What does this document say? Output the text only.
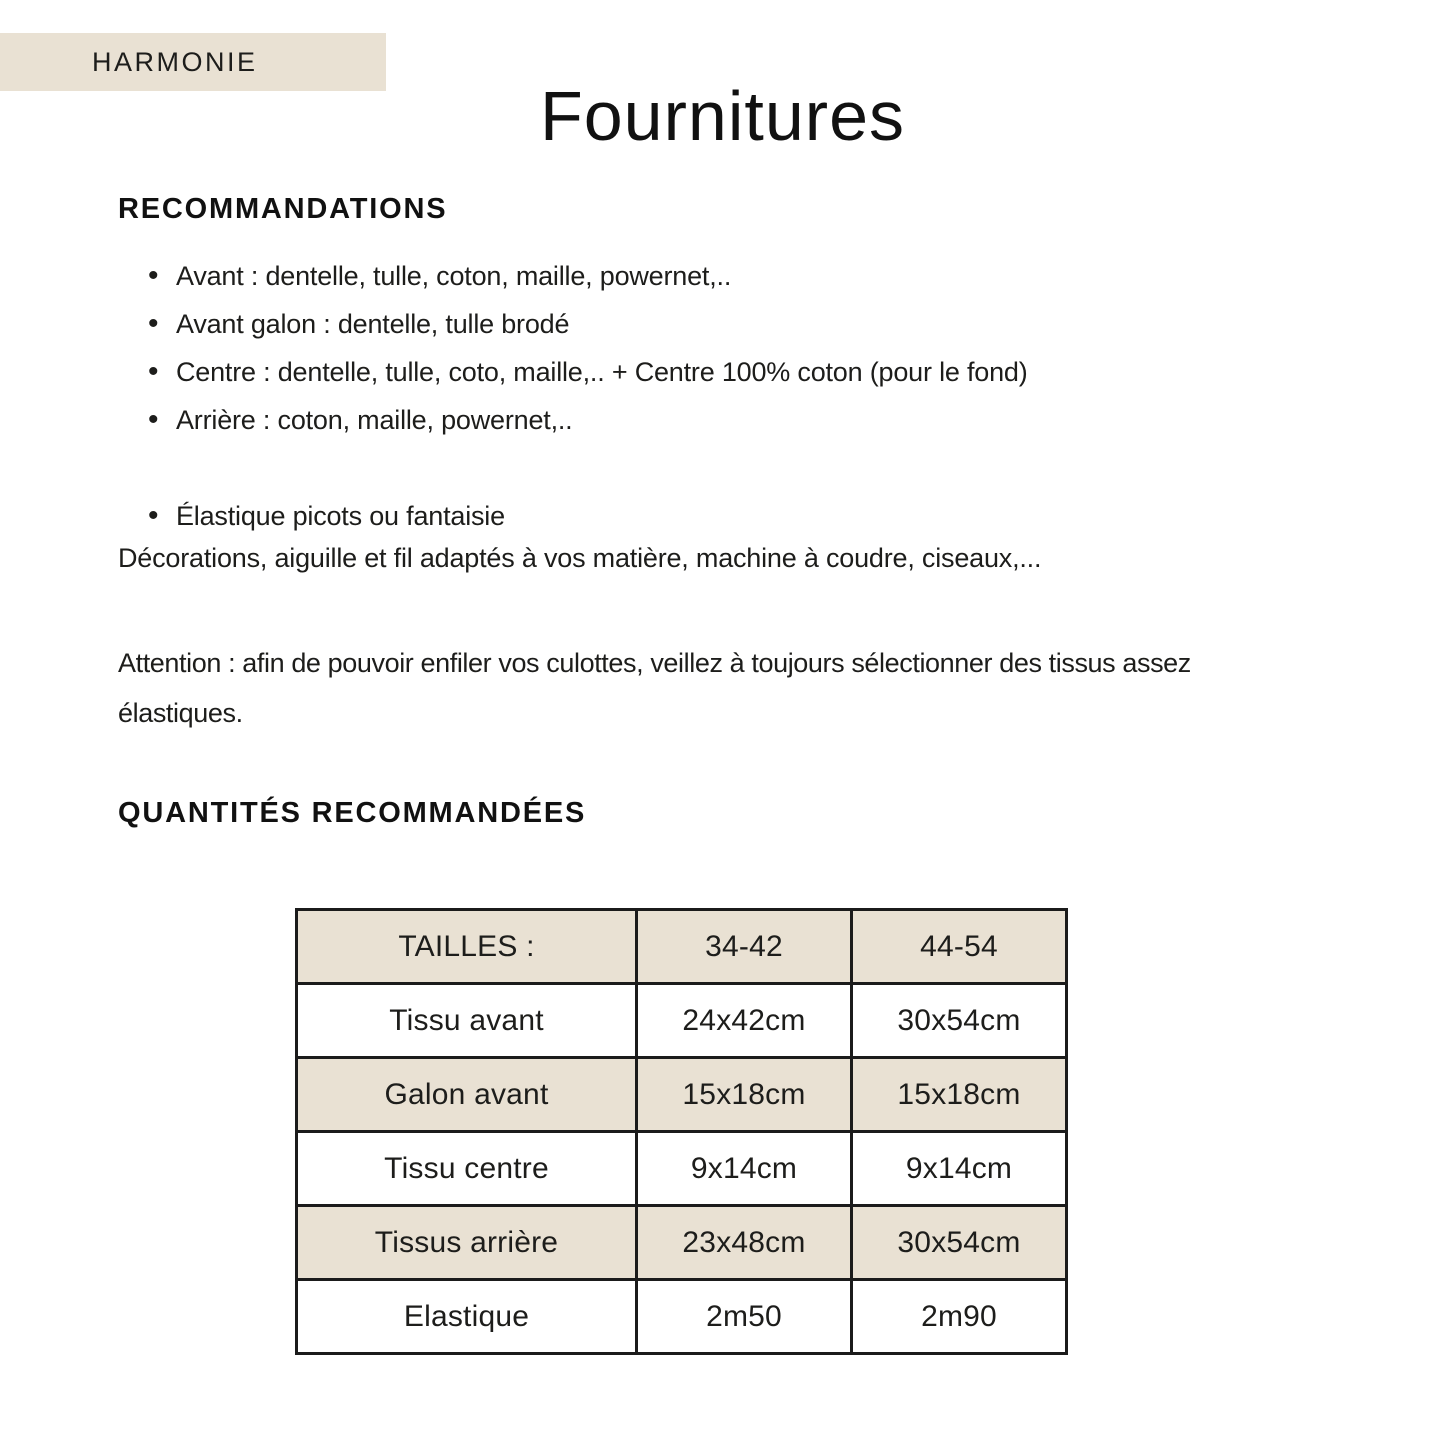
HARMONIE
Fournitures
RECOMMANDATIONS
• Avant : dentelle, tulle, coton, maille, powernet,..
• Avant galon : dentelle, tulle brodé
• Centre : dentelle, tulle, coto, maille,.. + Centre 100% coton (pour le fond)
• Arrière : coton, maille, powernet,..
• Élastique picots ou fantaisie

Décorations, aiguille et fil adaptés à vos matière, machine à coudre, ciseaux,...

Attention : afin de pouvoir enfiler vos culottes, veillez à toujours sélectionner des tissus assez
élastiques.

QUANTITÉS RECOMMANDÉES
TAILLES :	34-42	44-54
Tissu avant	24x42cm	30x54cm
Galon avant	15x18cm	15x18cm
Tissu centre	9x14cm	9x14cm
Tissus arrière	23x48cm	30x54cm
Elastique	2m50	2m90
